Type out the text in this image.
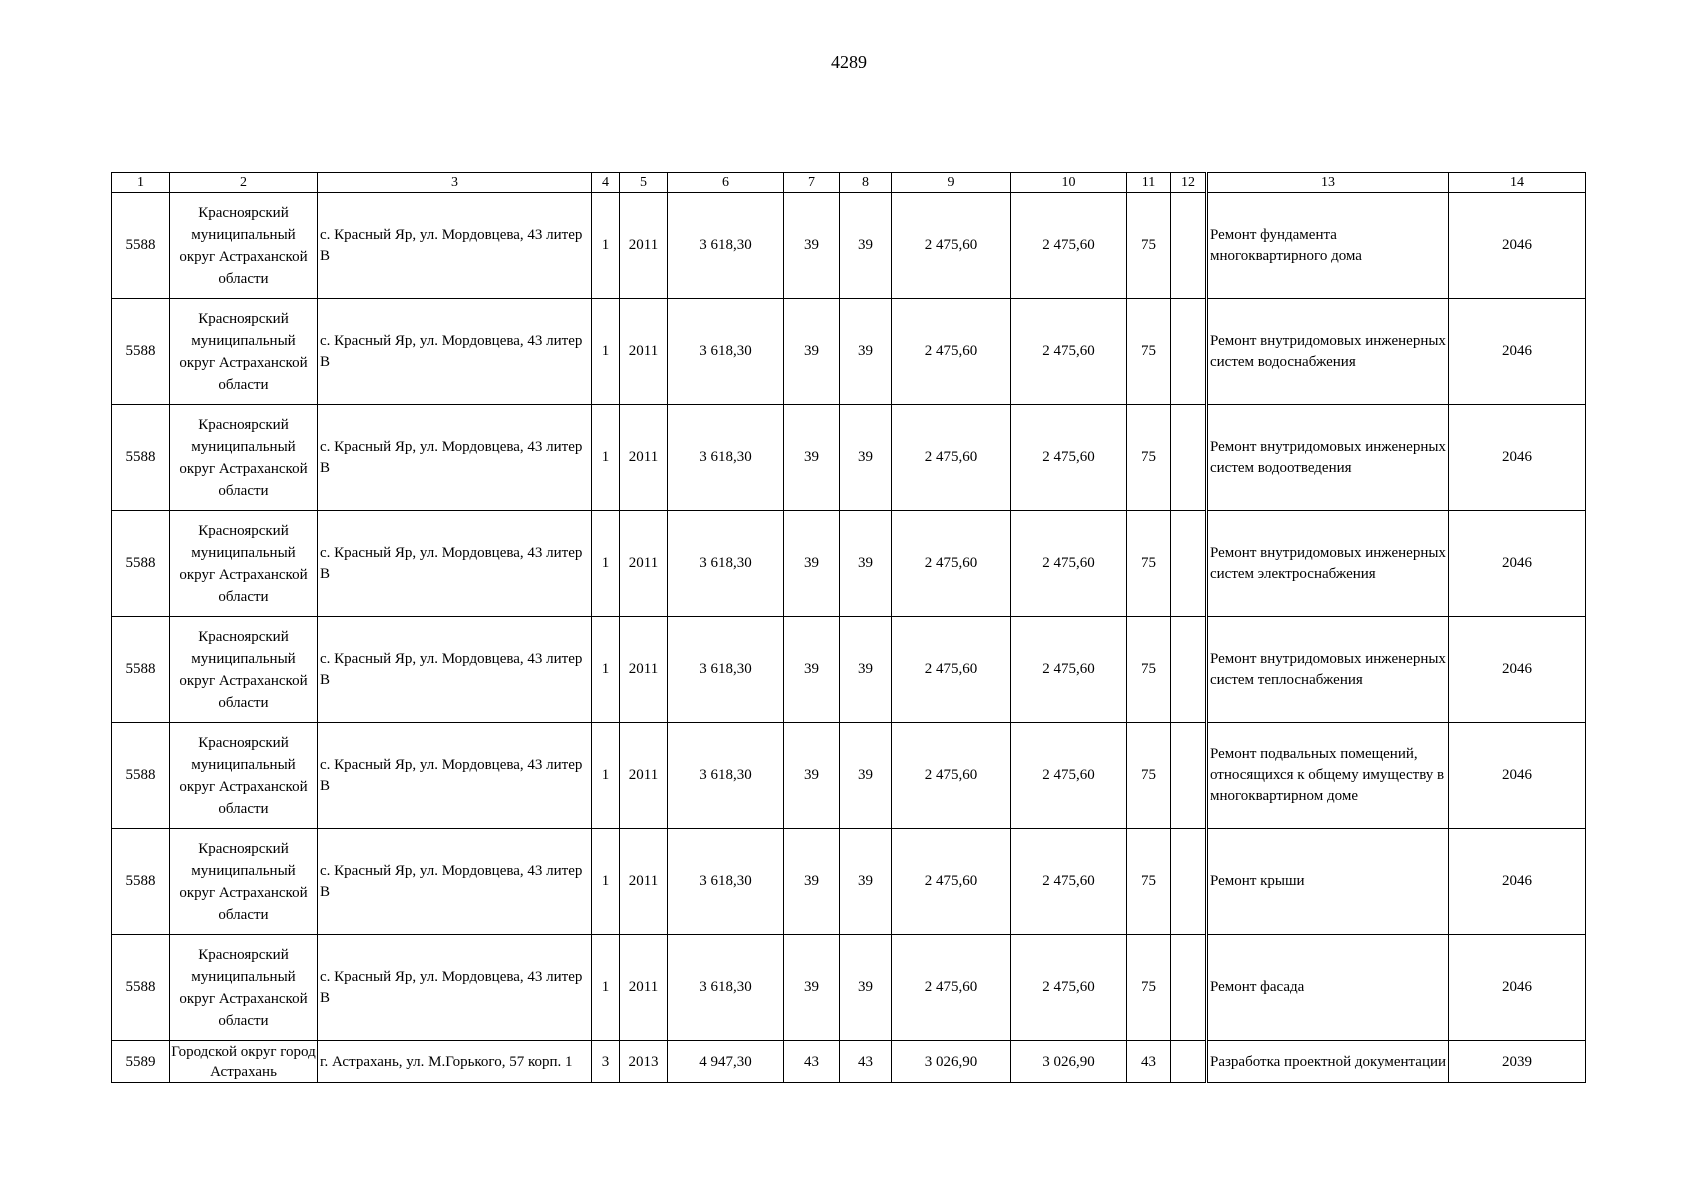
4289
1	2	3	4	5	6	7	8	9	10	11	12	13	14
5588	Красноярский муниципальный округ Астраханской области	с. Красный Яр, ул. Мордовцева, 43 литер В	1	2011	3 618,30	39	39	2 475,60	2 475,60	75		Ремонт фундамента многоквартирного дома	2046
5588	Красноярский муниципальный округ Астраханской области	с. Красный Яр, ул. Мордовцева, 43 литер В	1	2011	3 618,30	39	39	2 475,60	2 475,60	75		Ремонт внутридомовых инженерных систем водоснабжения	2046
5588	Красноярский муниципальный округ Астраханской области	с. Красный Яр, ул. Мордовцева, 43 литер В	1	2011	3 618,30	39	39	2 475,60	2 475,60	75		Ремонт внутридомовых инженерных систем водоотведения	2046
5588	Красноярский муниципальный округ Астраханской области	с. Красный Яр, ул. Мордовцева, 43 литер В	1	2011	3 618,30	39	39	2 475,60	2 475,60	75		Ремонт внутридомовых инженерных систем электроснабжения	2046
5588	Красноярский муниципальный округ Астраханской области	с. Красный Яр, ул. Мордовцева, 43 литер В	1	2011	3 618,30	39	39	2 475,60	2 475,60	75		Ремонт внутридомовых инженерных систем теплоснабжения	2046
5588	Красноярский муниципальный округ Астраханской области	с. Красный Яр, ул. Мордовцева, 43 литер В	1	2011	3 618,30	39	39	2 475,60	2 475,60	75		Ремонт подвальных помещений, относящихся к общему имуществу в многоквартирном доме	2046
5588	Красноярский муниципальный округ Астраханской области	с. Красный Яр, ул. Мордовцева, 43 литер В	1	2011	3 618,30	39	39	2 475,60	2 475,60	75		Ремонт крыши	2046
5588	Красноярский муниципальный округ Астраханской области	с. Красный Яр, ул. Мордовцева, 43 литер В	1	2011	3 618,30	39	39	2 475,60	2 475,60	75		Ремонт фасада	2046
5589	Городской округ город Астрахань	г. Астрахань, ул. М.Горького, 57 корп. 1	3	2013	4 947,30	43	43	3 026,90	3 026,90	43		Разработка проектной документации	2039
